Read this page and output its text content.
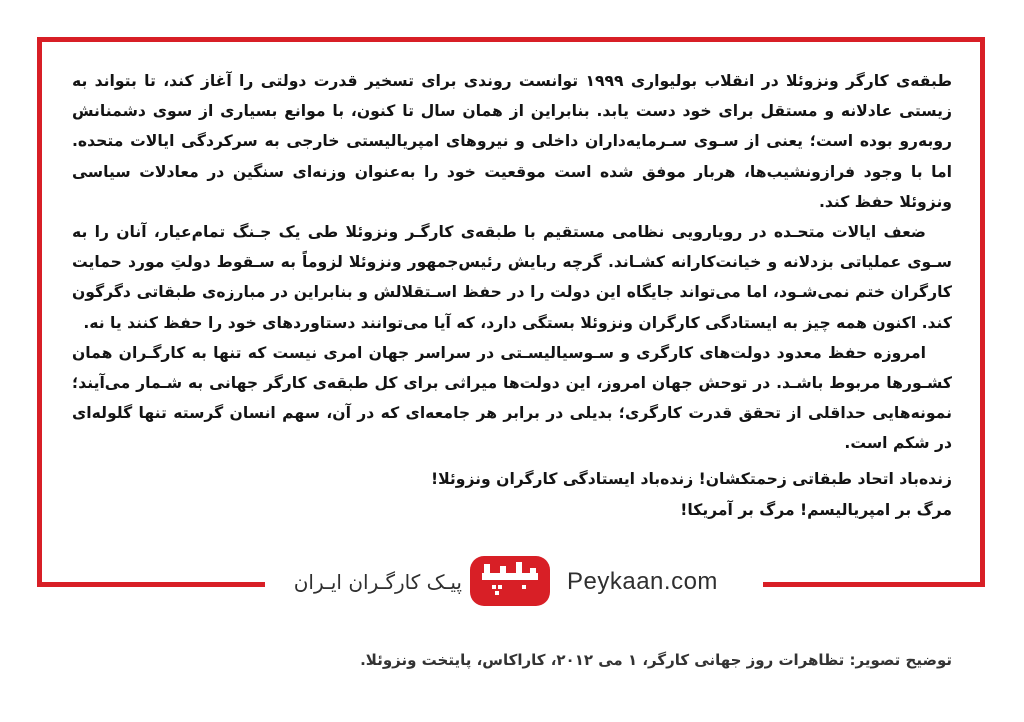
طبقه‌ی کارگر ونزوئلا در انقلاب بولیواری ۱۹۹۹ توانست روندی برای تسخیر قدرت دولتی را آغاز کند، تا بتواند به زیستی عادلانه و مستقل برای خود دست یابد. بنابراین از همان سال تا کنون، با موانع بسیاری از سوی دشمنانش روبه‌رو بوده است؛ یعنی از سـوی سـرمایه‌داران داخلی و نیروهای امپریالیستی خارجی به سرکردگی ایالات متحده. اما با وجود فرازونشیب‌ها، هربار موفق شده است موقعیت خود را به‌عنوان وزنه‌ای سنگین در معادلات سیاسی ونزوئلا حفظ کند.

ضعف ایالات متحـده در رویارویی نظامی مستقیم با طبقه‌ی کارگـر ونزوئلا طی یک جـنگ تمام‌عیار، آنان را به سـوی عملیاتی بزدلانه و خیانت‌کارانه کشـاند. گرچه ربایش رئیس‌جمهور ونزوئلا لزوماً به سـقوط دولتِ مورد حمایت کارگران ختم نمی‌شـود، اما می‌تواند جایگاه این دولت را در حفظ اسـتقلالش و بنابراین در مبارزه‌ی طبقاتی دگرگون کند. اکنون همه چیز به ایستادگی کارگران ونزوئلا بستگی دارد، که آیا می‌توانند دستاوردهای خود را حفظ کنند یا نه.

امروزه حفظ معدود دولت‌های کارگری و سـوسیالیسـتی در سراسر جهان امری نیست که تنها به کارگـران همان کشـورها مربوط باشـد. در توحش جهان امروز، این دولت‌ها میراثی برای کل طبقه‌ی کارگر جهانی به شـمار می‌آیند؛ نمونه‌هایی حداقلی از تحقق قدرت کارگری؛ بدیلی در برابر هر جامعه‌ای که در آن، سهم انسان گرسته تنها گلوله‌ای در شکم است.

زنده‌باد اتحاد طبقاتی زحمتکشان! زنده‌باد ایستادگی کارگران ونزوئلا!

مرگ بر امپریالیسم! مرگ بر آمریکا!

پیـک کارگـران ایـران	Peykaan.com
توضیح تصویر: تظاهرات روز جهانی کارگر، ۱ می ۲۰۱۲، کاراکاس، پایتخت ونزوئلا.
